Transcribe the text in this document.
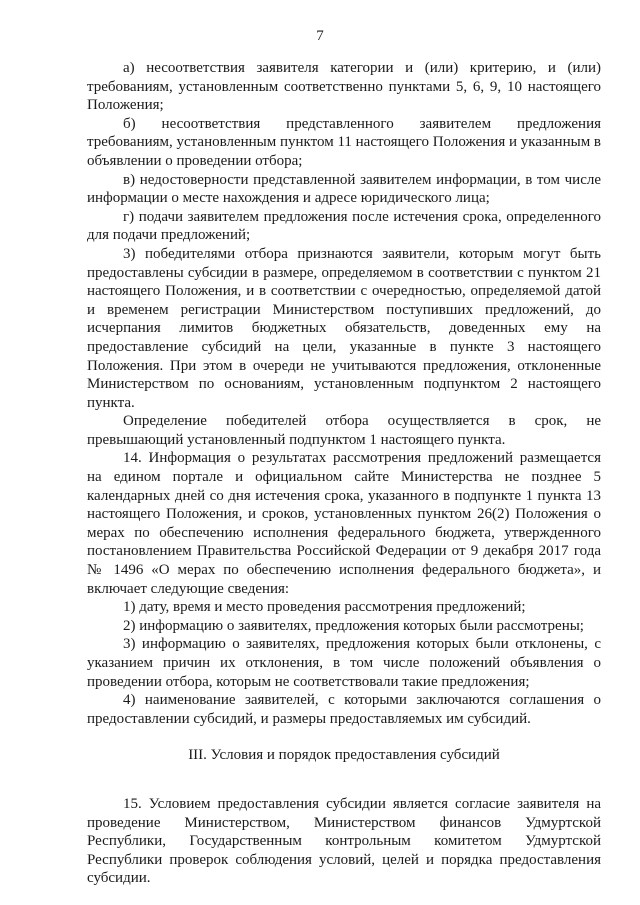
7

а) несоответствия заявителя категории и (или) критерию, и (или) требованиям, установленным соответственно пунктами 5, 6, 9, 10 настоящего Положения;

б) несоответствия представленного заявителем предложения требованиям, установленным пунктом 11 настоящего Положения и указанным в объявлении о проведении отбора;

в) недостоверности представленной заявителем информации, в том числе информации о месте нахождения и адресе юридического лица;

г) подачи заявителем предложения после истечения срока, определенного для подачи предложений;

3) победителями отбора признаются заявители, которым могут быть предоставлены субсидии в размере, определяемом в соответствии с пунктом 21 настоящего Положения, и в соответствии с очередностью, определяемой датой и временем регистрации Министерством поступивших предложений, до исчерпания лимитов бюджетных обязательств, доведенных ему на предоставление субсидий на цели, указанные в пункте 3 настоящего Положения. При этом в очереди не учитываются предложения, отклоненные Министерством по основаниям, установленным подпунктом 2 настоящего пункта.

Определение победителей отбора осуществляется в срок, не превышающий установленный подпунктом 1 настоящего пункта.

14. Информация о результатах рассмотрения предложений размещается на едином портале и официальном сайте Министерства не позднее 5 календарных дней со дня истечения срока, указанного в подпункте 1 пункта 13 настоящего Положения, и сроков, установленных пунктом 26(2) Положения о мерах по обеспечению исполнения федерального бюджета, утвержденного постановлением Правительства Российской Федерации от 9 декабря 2017 года № 1496 «О мерах по обеспечению исполнения федерального бюджета», и включает следующие сведения:

1) дату, время и место проведения рассмотрения предложений;

2) информацию о заявителях, предложения которых были рассмотрены;

3) информацию о заявителях, предложения которых были отклонены, с указанием причин их отклонения, в том числе положений объявления о проведении отбора, которым не соответствовали такие предложения;

4) наименование заявителей, с которыми заключаются соглашения о предоставлении субсидий, и размеры предоставляемых им субсидий.

III. Условия и порядок предоставления субсидий

15. Условием предоставления субсидии является согласие заявителя на проведение Министерством, Министерством финансов Удмуртской Республики, Государственным контрольным комитетом Удмуртской Республики проверок соблюдения условий, целей и порядка предоставления субсидии.
